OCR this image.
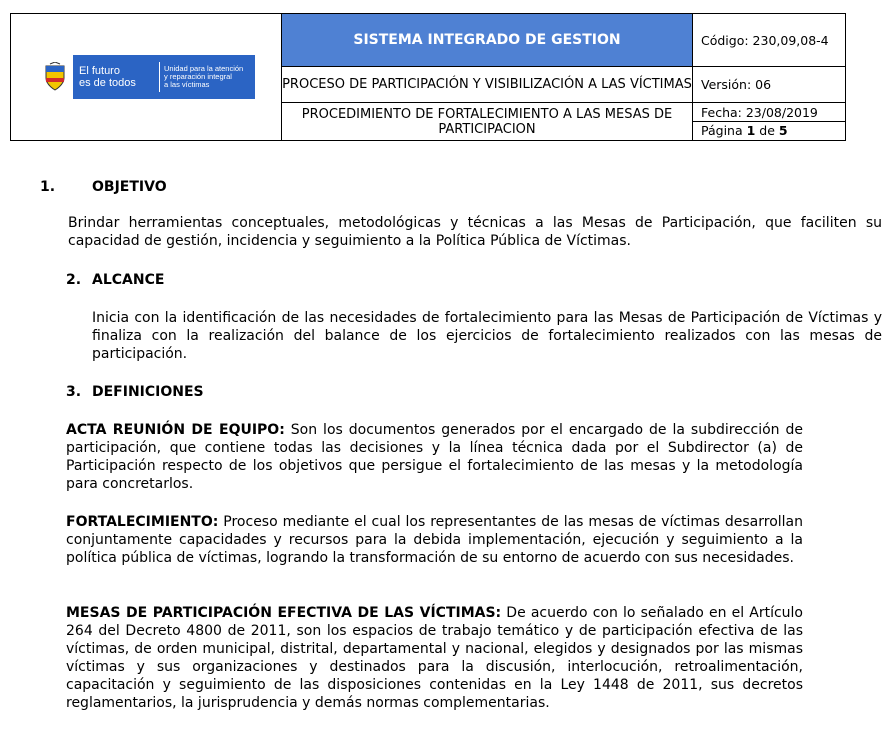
El futuro
es de todos
Unidad para la atención
y reparación integral
a las víctimas	SISTEMA INTEGRADO DE GESTION	Código: 230,09,08-4
	PROCESO DE PARTICIPACIÓN Y VISIBILIZACIÓN A LAS VÍCTIMAS	Versión: 06
	PROCEDIMIENTO DE FORTALECIMIENTO A LAS MESAS DE PARTICIPACION	Fecha: 23/08/2019
Página 1 de 5

1.	OBJETIVO

Brindar herramientas conceptuales, metodológicas y técnicas a las Mesas de Participación, que faciliten su capacidad de gestión, incidencia y seguimiento a la Política Pública de Víctimas.

2. ALCANCE

Inicia con la identificación de las necesidades de fortalecimiento para las Mesas de Participación de Víctimas y finaliza con la realización del balance de los ejercicios de fortalecimiento realizados con las mesas de participación.

3. DEFINICIONES

ACTA REUNIÓN DE EQUIPO: Son los documentos generados por el encargado de la subdirección de participación, que contiene todas las decisiones y la línea técnica dada por el Subdirector (a) de Participación respecto de los objetivos que persigue el fortalecimiento de las mesas y la metodología para concretarlos.

FORTALECIMIENTO: Proceso mediante el cual los representantes de las mesas de víctimas desarrollan conjuntamente capacidades y recursos para la debida implementación, ejecución y seguimiento a la política pública de víctimas, logrando la transformación de su entorno de acuerdo con sus necesidades.

MESAS DE PARTICIPACIÓN EFECTIVA DE LAS VÍCTIMAS: De acuerdo con lo señalado en el Artículo 264 del Decreto 4800 de 2011, son los espacios de trabajo temático y de participación efectiva de las víctimas, de orden municipal, distrital, departamental y nacional, elegidos y designados por las mismas víctimas y sus organizaciones y destinados para la discusión, interlocución, retroalimentación, capacitación y seguimiento de las disposiciones contenidas en la Ley 1448 de 2011, sus decretos reglamentarios, la jurisprudencia y demás normas complementarias.
